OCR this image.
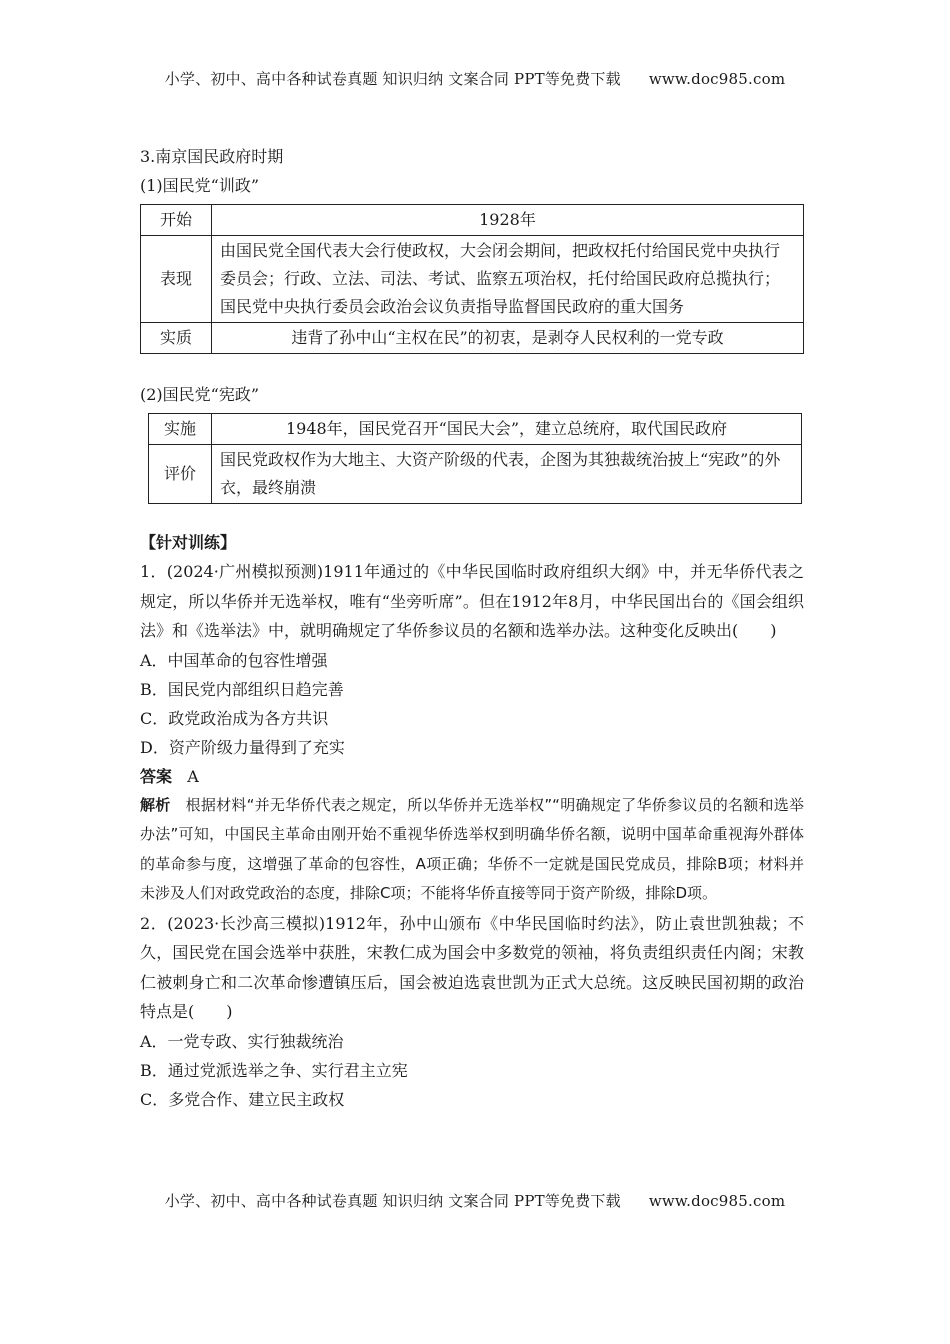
小学、初中、高中各种试卷真题 知识归纳 文案合同 PPT等免费下载 www.doc985.com
3.南京国民政府时期
(1)国民党“训政”
开始	1928年
表现	由国民党全国代表大会行使政权，大会闭会期间，把政权托付给国民党中央执行委员会；行政、立法、司法、考试、监察五项治权，托付给国民政府总揽执行；国民党中央执行委员会政治会议负责指导监督国民政府的重大国务
实质	违背了孙中山“主权在民”的初衷，是剥夺人民权利的一党专政
(2)国民党“宪政”
实施	1948年，国民党召开“国民大会”，建立总统府，取代国民政府
评价	国民党政权作为大地主、大资产阶级的代表，企图为其独裁统治披上“宪政”的外衣，最终崩溃
【针对训练】
1．(2024·广州模拟预测)1911年通过的《中华民国临时政府组织大纲》中，并无华侨代表之规定，所以华侨并无选举权，唯有“坐旁听席”。但在1912年8月，中华民国出台的《国会组织法》和《选举法》中，就明确规定了华侨参议员的名额和选举办法。这种变化反映出(　　)
A．中国革命的包容性增强
B．国民党内部组织日趋完善
C．政党政治成为各方共识
D．资产阶级力量得到了充实
答案 A
解析 根据材料“并无华侨代表之规定，所以华侨并无选举权”“明确规定了华侨参议员的名额和选举办法”可知，中国民主革命由刚开始不重视华侨选举权到明确华侨名额，说明中国革命重视海外群体的革命参与度，这增强了革命的包容性，A项正确；华侨不一定就是国民党成员，排除B项；材料并未涉及人们对政党政治的态度，排除C项；不能将华侨直接等同于资产阶级，排除D项。
2．(2023·长沙高三模拟)1912年，孙中山颁布《中华民国临时约法》，防止袁世凯独裁；不久，国民党在国会选举中获胜，宋教仁成为国会中多数党的领袖，将负责组织责任内阁；宋教仁被刺身亡和二次革命惨遭镇压后，国会被迫选袁世凯为正式大总统。这反映民国初期的政治特点是(　　)
A．一党专政、实行独裁统治
B．通过党派选举之争、实行君主立宪
C．多党合作、建立民主政权
小学、初中、高中各种试卷真题 知识归纳 文案合同 PPT等免费下载 www.doc985.com
